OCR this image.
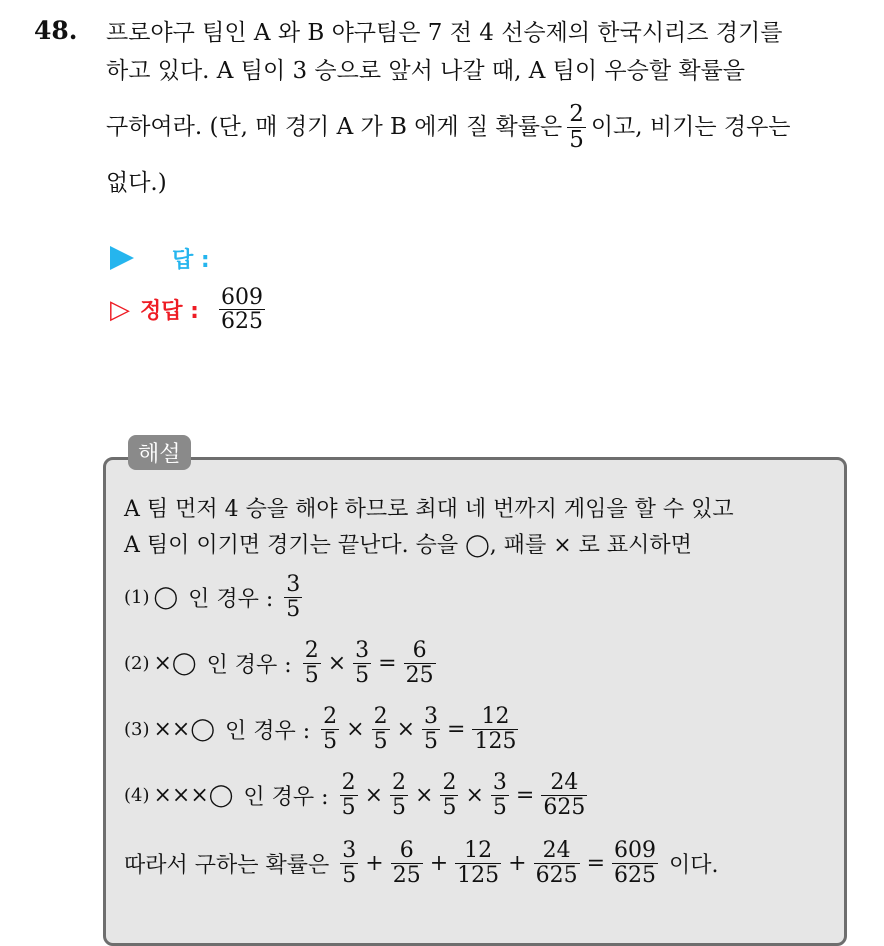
48. 프로야구 팀인 A 와 B 야구팀은 7 전 4 선승제의 한국시리즈 경기를
하고 있다. A 팀이 3 승으로 앞서 나갈 때, A 팀이 우승할 확률을
구하여라. (단, 매 경기 A 가 B 에게 질 확률은 $\frac{2}{5}$ 이고, 비기는 경우는
없다.)
답 :
▷ 정답 : $\frac{609}{625}$
해설
A 팀 먼저 4 승을 해야 하므로 최대 네 번까지 게임을 할 수 있고
A 팀이 이기면 경기는 끝난다. 승을 ◯, 패를 × 로 표시하면
(1) ◯ 인 경우 : $\frac{3}{5}$
(2) ×◯ 인 경우 : $\frac{2}{5} \times \frac{3}{5} = \frac{6}{25}$
(3) ××◯ 인 경우 : $\frac{2}{5} \times \frac{2}{5} \times \frac{3}{5} = \frac{12}{125}$
(4) ×××◯ 인 경우 : $\frac{2}{5} \times \frac{2}{5} \times \frac{2}{5} \times \frac{3}{5} = \frac{24}{625}$
따라서 구하는 확률은 $\frac{3}{5} + \frac{6}{25} + \frac{12}{125} + \frac{24}{625} = \frac{609}{625}$ 이다.
